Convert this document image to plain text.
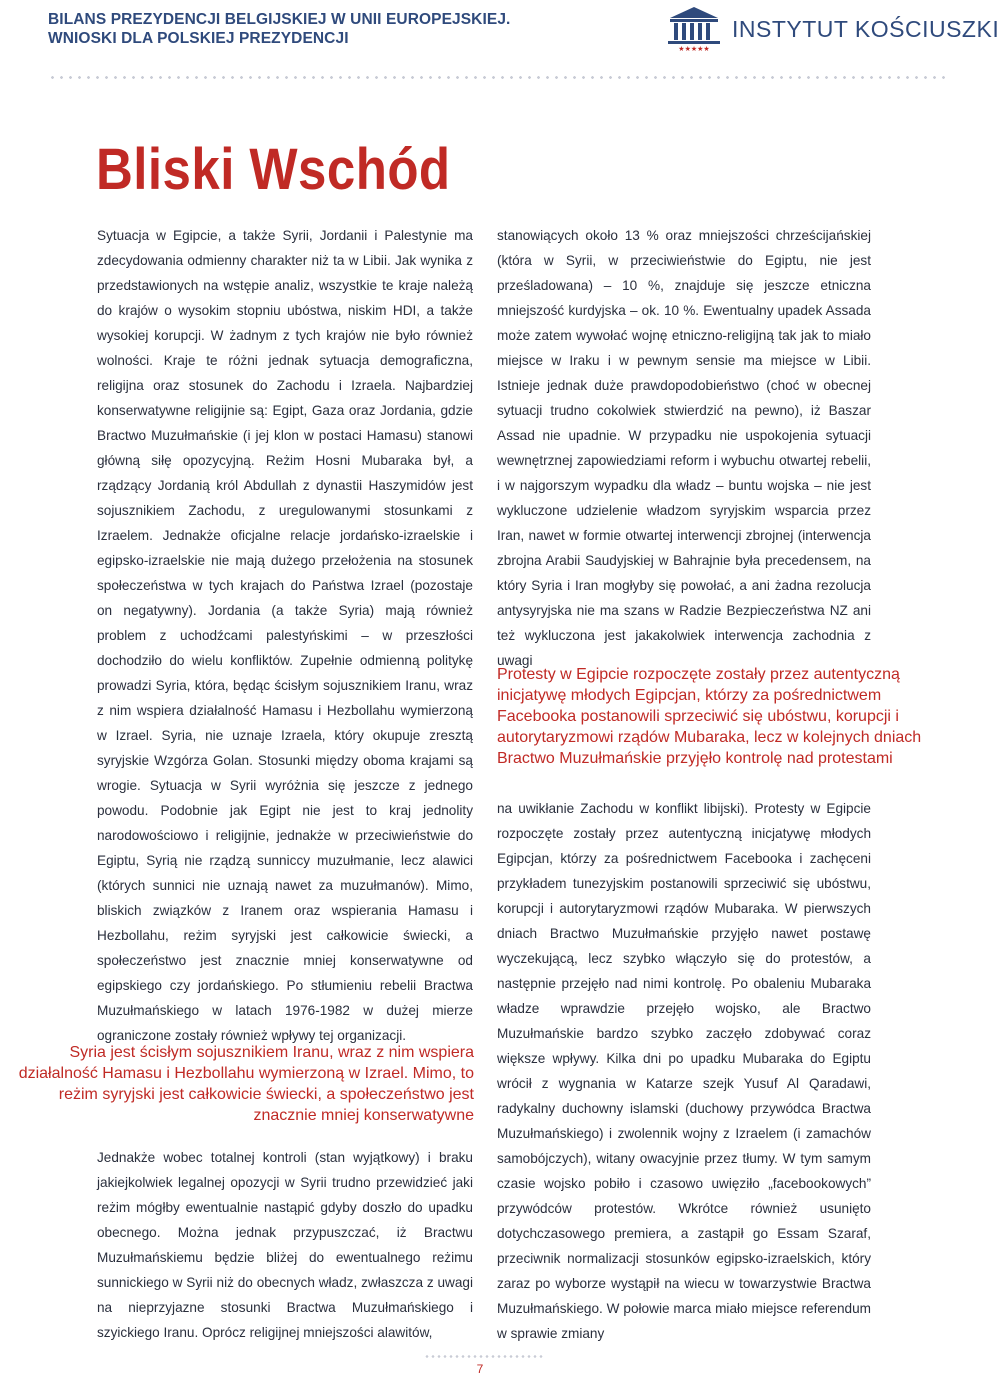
BILANS PREZYDENCJI BELGIJSKIEJ W UNII EUROPEJSKIEJ.
WNIOSKI DLA POLSKIEJ PREZYDENCJI
★★★★★
INSTYTUT KOŚCIUSZKI
Bliski Wschód

Sytuacja w Egipcie, a także Syrii, Jordanii i Palestynie ma zdecydowania odmienny charakter niż ta w Libii. Jak wynika z przedstawionych na wstępie analiz, wszystkie te kraje należą do krajów o wysokim stopniu ubóstwa, niskim HDI, a także wysokiej korupcji. W żadnym z tych krajów nie było również wolności. Kraje te różni jednak sytuacja demograficzna, religijna oraz stosunek do Zachodu i Izraela. Najbardziej konserwatywne religijnie są: Egipt, Gaza oraz Jordania, gdzie Bractwo Muzułmańskie (i jej klon w postaci Hamasu) stanowi główną siłę opozycyjną. Reżim Hosni Mubaraka był, a rządzący Jordanią król Abdullah z dynastii Haszymidów jest sojusznikiem Zachodu, z uregulowanymi stosunkami z Izraelem. Jednakże oficjalne relacje jordańsko-izraelskie i egipsko-izraelskie nie mają dużego przełożenia na stosunek społeczeństwa w tych krajach do Państwa Izrael (pozostaje on negatywny). Jordania (a także Syria) mają również problem z uchodźcami palestyńskimi – w przeszłości dochodziło do wielu konfliktów. Zupełnie odmienną politykę prowadzi Syria, która, będąc ścisłym sojusznikiem Iranu, wraz z nim wspiera działalność Hamasu i Hezbollahu wymierzoną w Izrael. Syria, nie uznaje Izraela, który okupuje zresztą syryjskie Wzgórza Golan. Stosunki między oboma krajami są wrogie. Sytuacja w Syrii wyróżnia się jeszcze z jednego powodu. Podobnie jak Egipt nie jest to kraj jednolity narodowościowo i religijnie, jednakże w przeciwieństwie do Egiptu, Syrią nie rządzą sunniccy muzułmanie, lecz alawici (których sunnici nie uznają nawet za muzułmanów). Mimo, bliskich związków z Iranem oraz wspierania Hamasu i Hezbollahu, reżim syryjski jest całkowicie świecki, a społeczeństwo jest znacznie mniej konserwatywne od egipskiego czy jordańskiego. Po stłumieniu rebelii Bractwa Muzułmańskiego w latach 1976-1982 w dużej mierze ograniczone zostały również wpływy tej organizacji.

Syria jest ścisłym sojusznikiem Iranu, wraz z nim wspiera działalność Hamasu i Hezbollahu wymierzoną w Izrael. Mimo, to reżim syryjski jest całkowicie świecki, a społeczeństwo jest znacznie mniej konserwatywne

Jednakże wobec totalnej kontroli (stan wyjątkowy) i braku jakiejkolwiek legalnej opozycji w Syrii trudno przewidzieć jaki reżim mógłby ewentualnie nastąpić gdyby doszło do upadku obecnego. Można jednak przypuszczać, iż Bractwu Muzułmańskiemu będzie bliżej do ewentualnego reżimu sunnickiego w Syrii niż do obecnych władz, zwłaszcza z uwagi na nieprzyjazne stosunki Bractwa Muzułmańskiego i szyickiego Iranu. Oprócz religijnej mniejszości alawitów,

stanowiących około 13 % oraz mniejszości chrześcijańskiej (która w Syrii, w przeciwieństwie do Egiptu, nie jest prześladowana) – 10 %, znajduje się jeszcze etniczna mniejszość kurdyjska – ok. 10 %. Ewentualny upadek Assada może zatem wywołać wojnę etniczno-religijną tak jak to miało miejsce w Iraku i w pewnym sensie ma miejsce w Libii. Istnieje jednak duże prawdopodobieństwo (choć w obecnej sytuacji trudno cokolwiek stwierdzić na pewno), iż Baszar Assad nie upadnie. W przypadku nie uspokojenia sytuacji wewnętrznej zapowiedziami reform i wybuchu otwartej rebelii, i w najgorszym wypadku dla władz – buntu wojska – nie jest wykluczone udzielenie władzom syryjskim wsparcia przez Iran, nawet w formie otwartej interwencji zbrojnej (interwencja zbrojna Arabii Saudyjskiej w Bahrajnie była precedensem, na który Syria i Iran mogłyby się powołać, a ani żadna rezolucja antysyryjska nie ma szans w Radzie Bezpieczeństwa NZ ani też wykluczona jest jakakolwiek interwencja zachodnia z uwagi

Protesty w Egipcie rozpoczęte zostały przez autentyczną inicjatywę młodych Egipcjan, którzy za pośrednictwem Facebooka postanowili sprzeciwić się ubóstwu, korupcji i autorytaryzmowi rządów Mubaraka, lecz w kolejnych dniach Bractwo Muzułmańskie przyjęło kontrolę nad protestami

na uwikłanie Zachodu w konflikt libijski). Protesty w Egipcie rozpoczęte zostały przez autentyczną inicjatywę młodych Egipcjan, którzy za pośrednictwem Facebooka i zachęceni przykładem tunezyjskim postanowili sprzeciwić się ubóstwu, korupcji i autorytaryzmowi rządów Mubaraka. W pierwszych dniach Bractwo Muzułmańskie przyjęło nawet postawę wyczekującą, lecz szybko włączyło się do protestów, a następnie przejęło nad nimi kontrolę. Po obaleniu Mubaraka władze wprawdzie przejęło wojsko, ale Bractwo Muzułmańskie bardzo szybko zaczęło zdobywać coraz większe wpływy. Kilka dni po upadku Mubaraka do Egiptu wrócił z wygnania w Katarze szejk Yusuf Al Qaradawi, radykalny duchowny islamski (duchowy przywódca Bractwa Muzułmańskiego) i zwolennik wojny z Izraelem (i zamachów samobójczych), witany owacyjnie przez tłumy. W tym samym czasie wojsko pobiło i czasowo uwięziło „facebookowych” przywódców protestów. Wkrótce również usunięto dotychczasowego premiera, a zastąpił go Essam Szaraf, przeciwnik normalizacji stosunków egipsko-izraelskich, który zaraz po wyborze wystąpił na wiecu w towarzystwie Bractwa Muzułmańskiego. W połowie marca miało miejsce referendum w sprawie zmiany

7
